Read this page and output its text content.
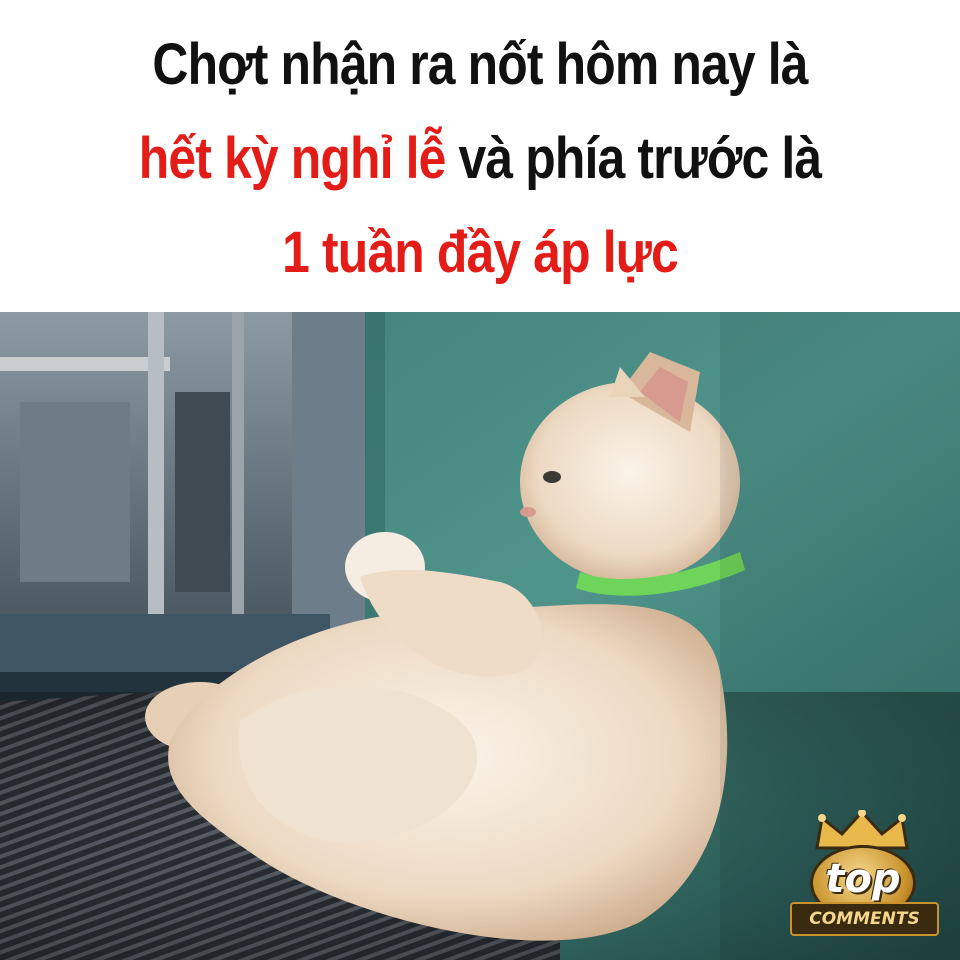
Chợt nhận ra nốt hôm nay là
hết kỳ nghỉ lễ và phía trước là
1 tuần đầy áp lực
top
COMMENTS
